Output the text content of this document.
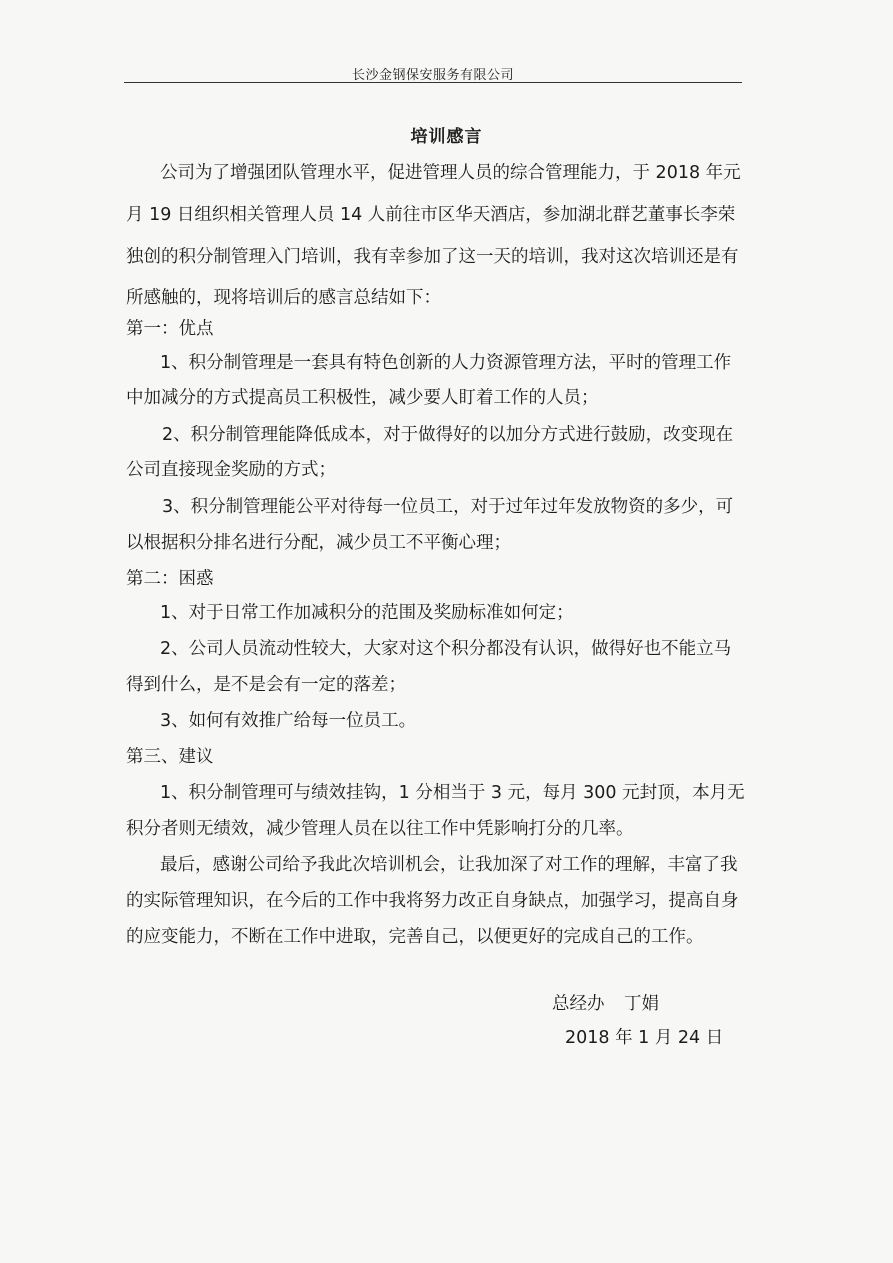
长沙金钢保安服务有限公司
培训感言
公司为了增强团队管理水平，促进管理人员的综合管理能力，于 2018 年元
月 19 日组织相关管理人员 14 人前往市区华天酒店，参加湖北群艺董事长李荣
独创的积分制管理入门培训，我有幸参加了这一天的培训，我对这次培训还是有
所感触的，现将培训后的感言总结如下：
第一：优点
1、积分制管理是一套具有特色创新的人力资源管理方法，平时的管理工作
中加减分的方式提高员工积极性，减少要人盯着工作的人员；
2、积分制管理能降低成本，对于做得好的以加分方式进行鼓励，改变现在
公司直接现金奖励的方式；
3、积分制管理能公平对待每一位员工，对于过年过年发放物资的多少，可
以根据积分排名进行分配，减少员工不平衡心理；
第二：困惑
1、对于日常工作加减积分的范围及奖励标准如何定；
2、公司人员流动性较大，大家对这个积分都没有认识，做得好也不能立马
得到什么，是不是会有一定的落差；
3、如何有效推广给每一位员工。
第三、建议
1、积分制管理可与绩效挂钩，1 分相当于 3 元，每月 300 元封顶，本月无
积分者则无绩效，减少管理人员在以往工作中凭影响打分的几率。
最后，感谢公司给予我此次培训机会，让我加深了对工作的理解，丰富了我
的实际管理知识，在今后的工作中我将努力改正自身缺点，加强学习，提高自身
的应变能力，不断在工作中进取，完善自己，以便更好的完成自己的工作。
总经办 丁娟
2018 年 1 月 24 日
